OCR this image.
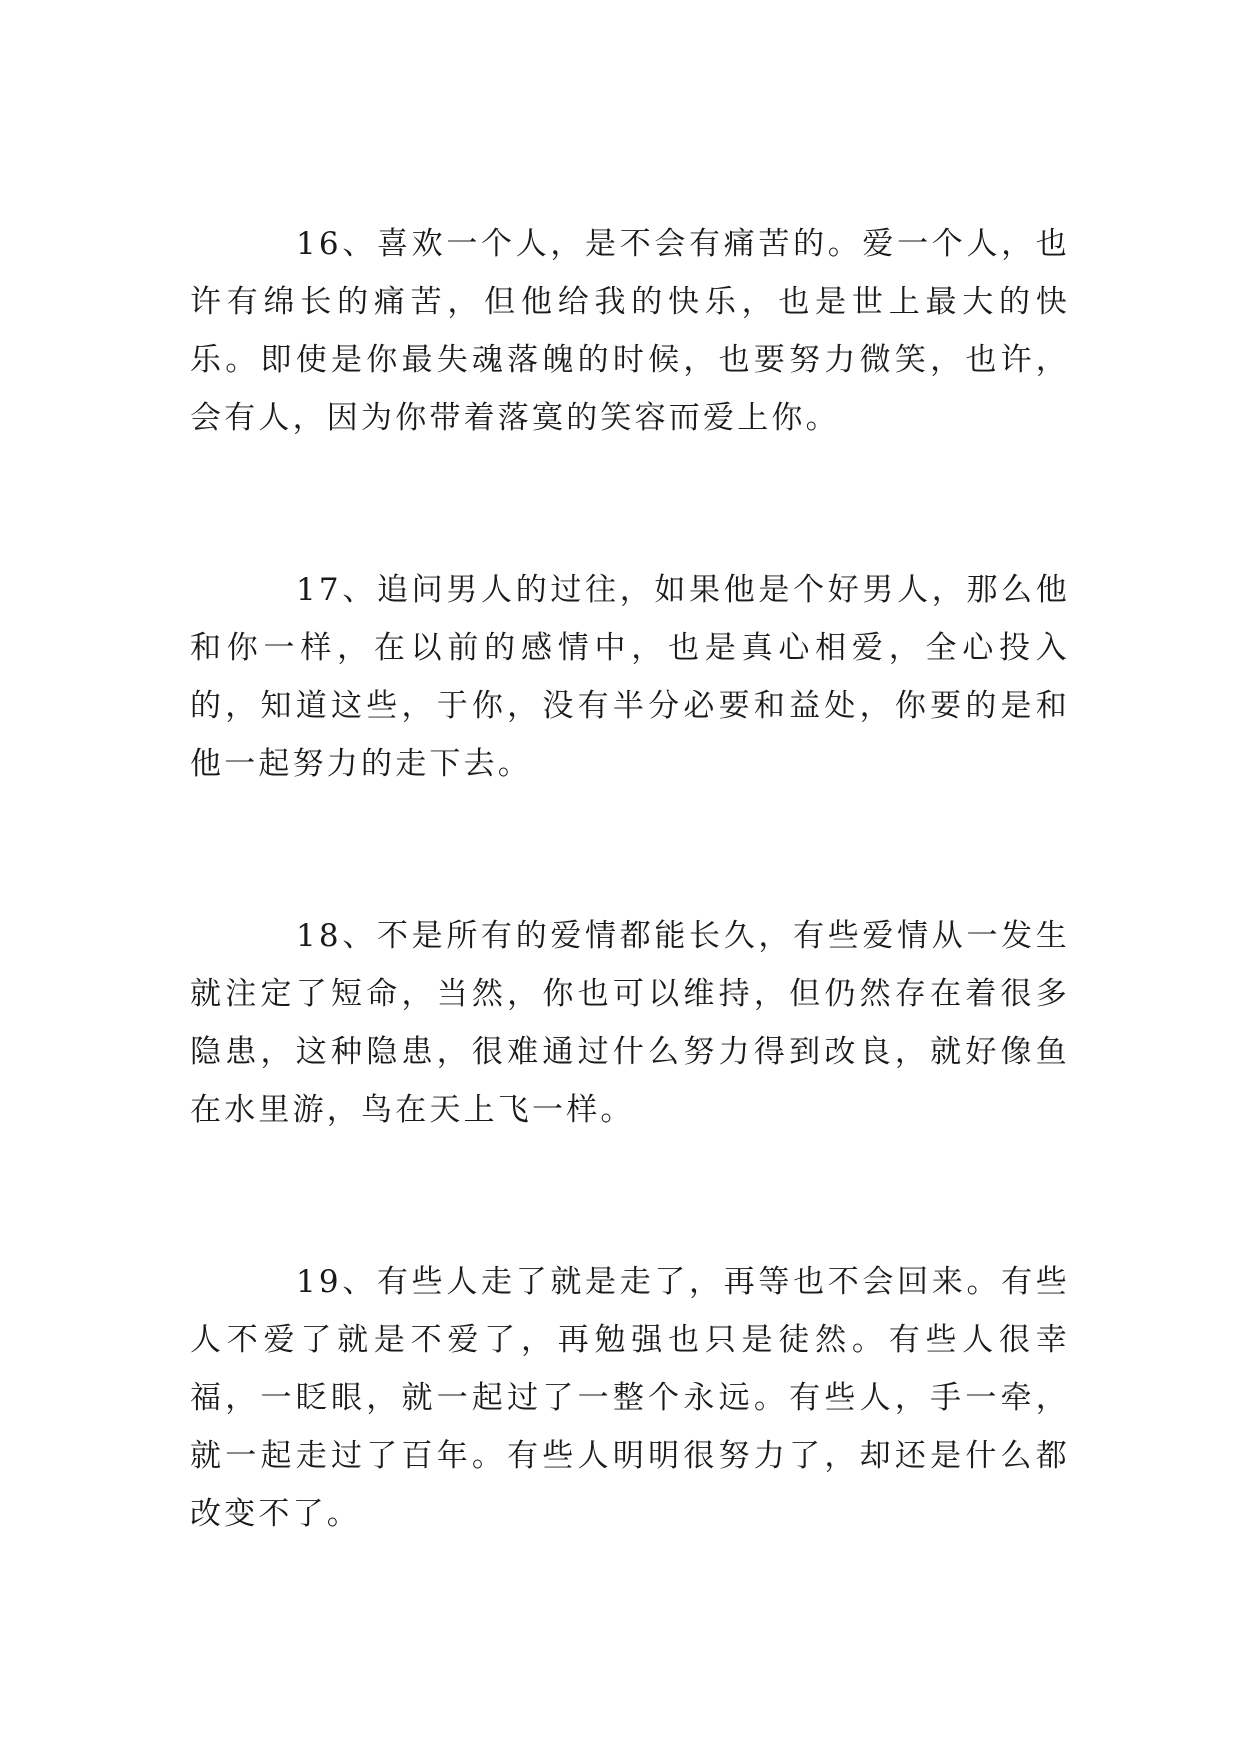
16、喜欢一个人，是不会有痛苦的。爱一个人，也许有绵长的痛苦，但他给我的快乐，也是世上最大的快乐。即使是你最失魂落魄的时候，也要努力微笑，也许，会有人，因为你带着落寞的笑容而爱上你。

17、追问男人的过往，如果他是个好男人，那么他和你一样，在以前的感情中，也是真心相爱，全心投入的，知道这些，于你，没有半分必要和益处，你要的是和他一起努力的走下去。

18、不是所有的爱情都能长久，有些爱情从一发生就注定了短命，当然，你也可以维持，但仍然存在着很多隐患，这种隐患，很难通过什么努力得到改良，就好像鱼在水里游，鸟在天上飞一样。

19、有些人走了就是走了，再等也不会回来。有些人不爱了就是不爱了，再勉强也只是徒然。有些人很幸福，一眨眼，就一起过了一整个永远。有些人，手一牵，就一起走过了百年。有些人明明很努力了，却还是什么都改变不了。
